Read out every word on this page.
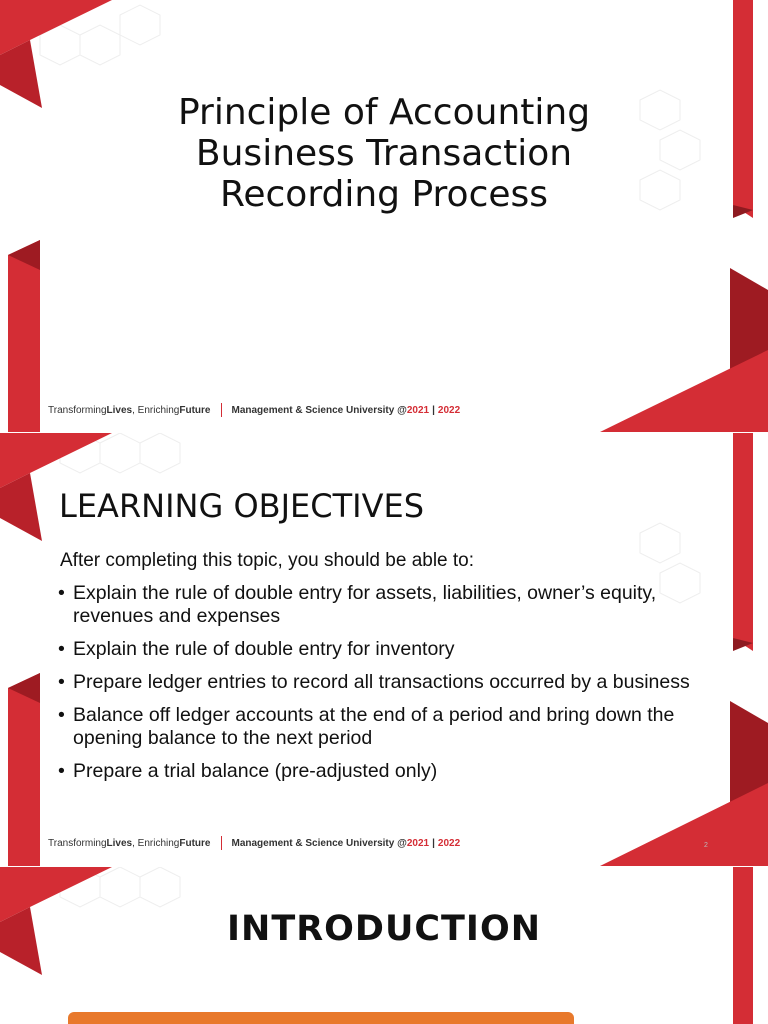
Principle of Accounting
Business Transaction
Recording Process
Transforming Lives , Enriching Future Management & Science University @ 2021 | 2022
LEARNING OBJECTIVES
After completing this topic, you should be able to:
• Explain the rule of double entry for assets, liabilities, owner’s equity, revenues and expenses
• Explain the rule of double entry for inventory
• Prepare ledger entries to record all transactions occurred by a business
• Balance off ledger accounts at the end of a period and bring down the opening balance to the next period
• Prepare a trial balance (pre-adjusted only)
Transforming Lives , Enriching Future Management & Science University @ 2021 | 2022	2
INTRODUCTION
